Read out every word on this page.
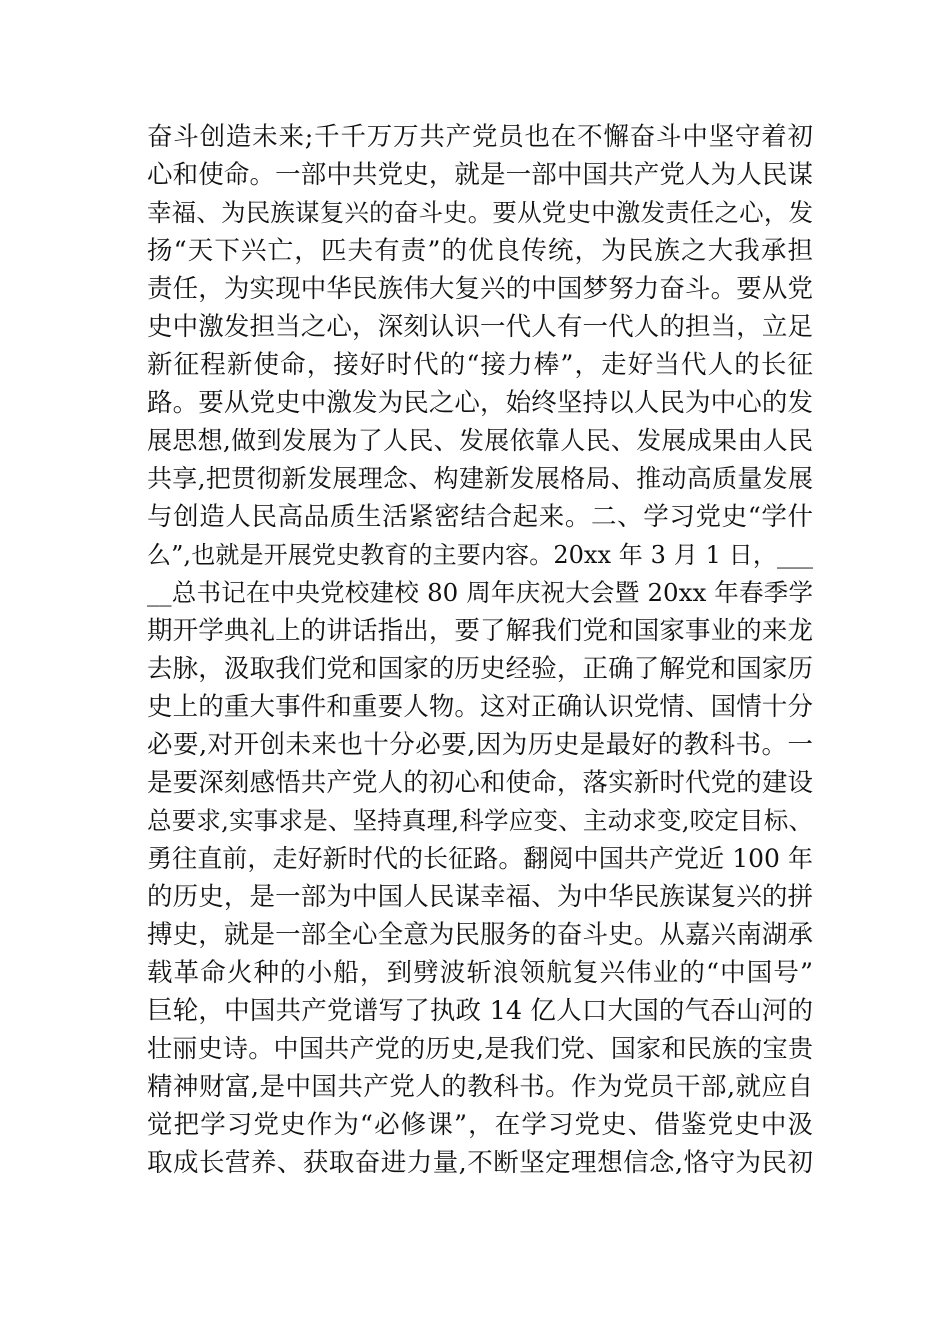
奋斗创造未来;千千万万共产党员也在不懈奋斗中坚守着初
心和使命。一部中共党史，就是一部中国共产党人为人民谋
幸福、为民族谋复兴的奋斗史。要从党史中激发责任之心，发
扬“天下兴亡，匹夫有责”的优良传统，为民族之大我承担
责任，为实现中华民族伟大复兴的中国梦努力奋斗。要从党
史中激发担当之心，深刻认识一代人有一代人的担当，立足
新征程新使命，接好时代的“接力棒”，走好当代人的长征
路。要从党史中激发为民之心，始终坚持以人民为中心的发
展思想,做到发展为了人民、发展依靠人民、发展成果由人民
共享,把贯彻新发展理念、构建新发展格局、推动高质量发展
与创造人民高品质生活紧密结合起来。二、学习党史“学什
么”,也就是开展党史教育的主要内容。20xx 年 3 月 1 日，___
__总书记在中央党校建校 80 周年庆祝大会暨 20xx 年春季学
期开学典礼上的讲话指出，要了解我们党和国家事业的来龙
去脉，汲取我们党和国家的历史经验，正确了解党和国家历
史上的重大事件和重要人物。这对正确认识党情、国情十分
必要,对开创未来也十分必要,因为历史是最好的教科书。一
是要深刻感悟共产党人的初心和使命，落实新时代党的建设
总要求,实事求是、坚持真理,科学应变、主动求变,咬定目标、
勇往直前，走好新时代的长征路。翻阅中国共产党近 100 年
的历史，是一部为中国人民谋幸福、为中华民族谋复兴的拼
搏史，就是一部全心全意为民服务的奋斗史。从嘉兴南湖承
载革命火种的小船，到劈波斩浪领航复兴伟业的“中国号”
巨轮，中国共产党谱写了执政 14 亿人口大国的气吞山河的
壮丽史诗。中国共产党的历史,是我们党、国家和民族的宝贵
精神财富,是中国共产党人的教科书。作为党员干部,就应自
觉把学习党史作为“必修课”，在学习党史、借鉴党史中汲
取成长营养、获取奋进力量,不断坚定理想信念,恪守为民初
